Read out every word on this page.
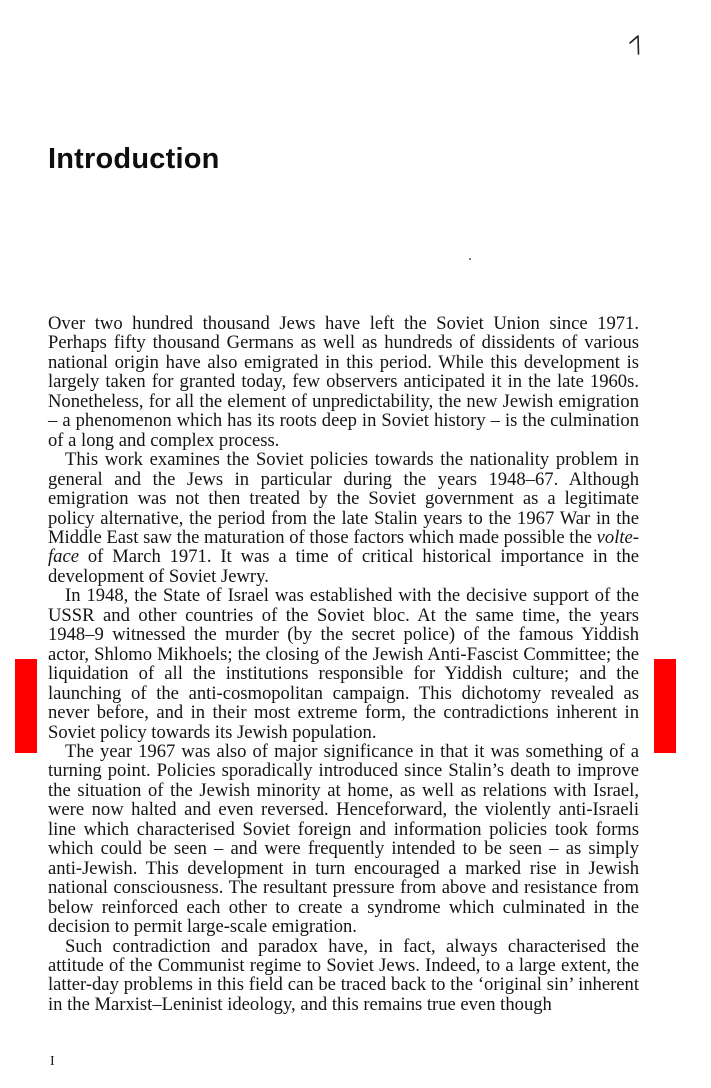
Introduction

Over two hundred thousand Jews have left the Soviet Union since 1971. Perhaps fifty thousand Germans as well as hundreds of dissidents of various national origin have also emigrated in this period. While this development is largely taken for granted today, few observers anticipated it in the late 1960s. Nonetheless, for all the element of unpredictability, the new Jewish emigration – a phenomenon which has its roots deep in Soviet history – is the culmination of a long and complex process.

This work examines the Soviet policies towards the nationality problem in general and the Jews in particular during the years 1948–67. Although emigration was not then treated by the Soviet government as a legitimate policy alternative, the period from the late Stalin years to the 1967 War in the Middle East saw the maturation of those factors which made possible the volte-face of March 1971. It was a time of critical historical importance in the development of Soviet Jewry.

In 1948, the State of Israel was established with the decisive support of the USSR and other countries of the Soviet bloc. At the same time, the years 1948–9 witnessed the murder (by the secret police) of the famous Yiddish actor, Shlomo Mikhoels; the closing of the Jewish Anti-Fascist Committee; the liquidation of all the institutions responsible for Yiddish culture; and the launching of the anti-cosmopolitan campaign. This dichotomy revealed as never before, and in their most extreme form, the contradictions inherent in Soviet policy towards its Jewish population.

The year 1967 was also of major significance in that it was something of a turning point. Policies sporadically introduced since Stalin’s death to improve the situation of the Jewish minority at home, as well as relations with Israel, were now halted and even reversed. Henceforward, the violently anti-Israeli line which characterised Soviet foreign and information policies took forms which could be seen – and were frequently intended to be seen – as simply anti-Jewish. This development in turn encouraged a marked rise in Jewish national consciousness. The resultant pressure from above and resistance from below reinforced each other to create a syndrome which culminated in the decision to permit large-scale emigration.

Such contradiction and paradox have, in fact, always characterised the attitude of the Communist regime to Soviet Jews. Indeed, to a large extent, the latter-day problems in this field can be traced back to the ‘original sin’ inherent in the Marxist–Leninist ideology, and this remains true even though

I
